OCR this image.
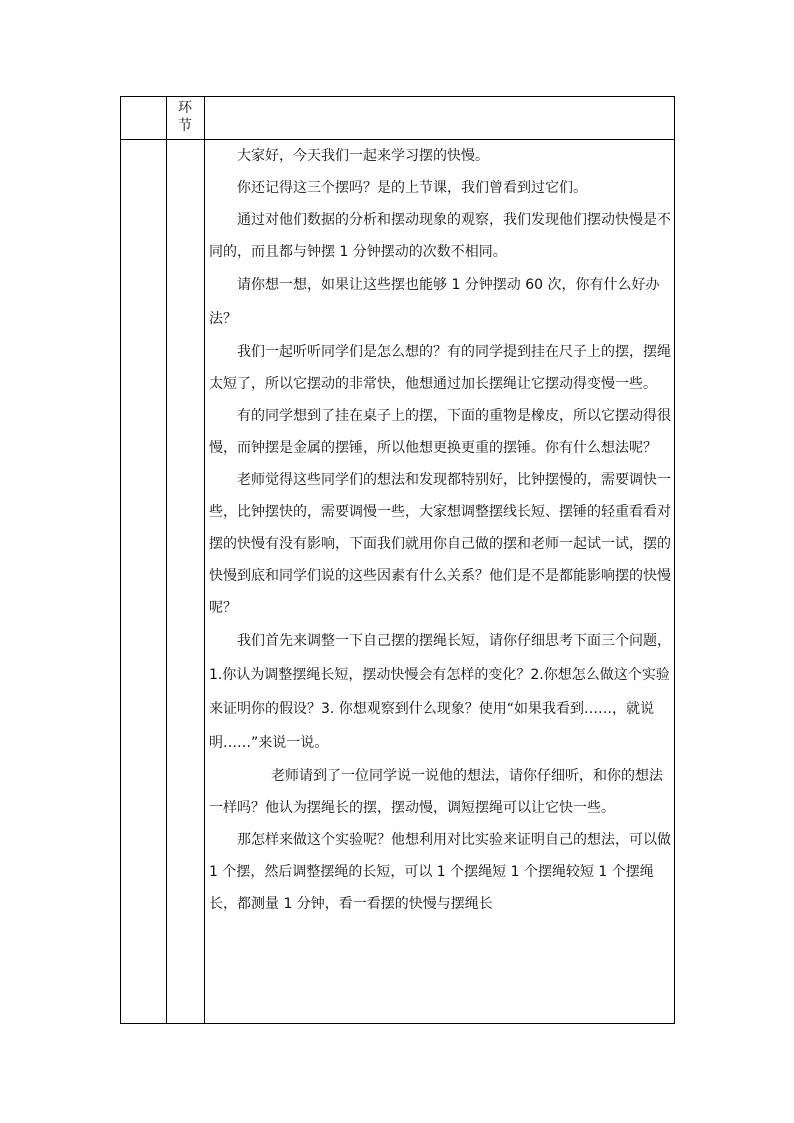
环
节

大家好，今天我们一起来学习摆的快慢。

你还记得这三个摆吗？是的上节课，我们曾看到过它们。

通过对他们数据的分析和摆动现象的观察，我们发现他们摆动快慢是不同的，而且都与钟摆 1 分钟摆动的次数不相同。

请你想一想，如果让这些摆也能够 1 分钟摆动 60 次，你有什么好办法？

我们一起听听同学们是怎么想的？有的同学提到挂在尺子上的摆，摆绳太短了，所以它摆动的非常快，他想通过加长摆绳让它摆动得变慢一些。

有的同学想到了挂在桌子上的摆，下面的重物是橡皮，所以它摆动得很慢，而钟摆是金属的摆锤，所以他想更换更重的摆锤。你有什么想法呢？

老师觉得这些同学们的想法和发现都特别好，比钟摆慢的，需要调快一些，比钟摆快的，需要调慢一些，大家想调整摆线长短、摆锤的轻重看看对摆的快慢有没有影响，下面我们就用你自己做的摆和老师一起试一试，摆的快慢到底和同学们说的这些因素有什么关系？他们是不是都能影响摆的快慢呢？

我们首先来调整一下自己摆的摆绳长短，请你仔细思考下面三个问题，1.你认为调整摆绳长短，摆动快慢会有怎样的变化？2.你想怎么做这个实验来证明你的假设？3. 你想观察到什么现象？使用“如果我看到……，就说明……”来说一说。

老师请到了一位同学说一说他的想法，请你仔细听，和你的想法一样吗？他认为摆绳长的摆，摆动慢，调短摆绳可以让它快一些。

那怎样来做这个实验呢？他想利用对比实验来证明自己的想法，可以做 1 个摆，然后调整摆绳的长短，可以 1 个摆绳短 1 个摆绳较短 1 个摆绳长，都测量 1 分钟，看一看摆的快慢与摆绳长
